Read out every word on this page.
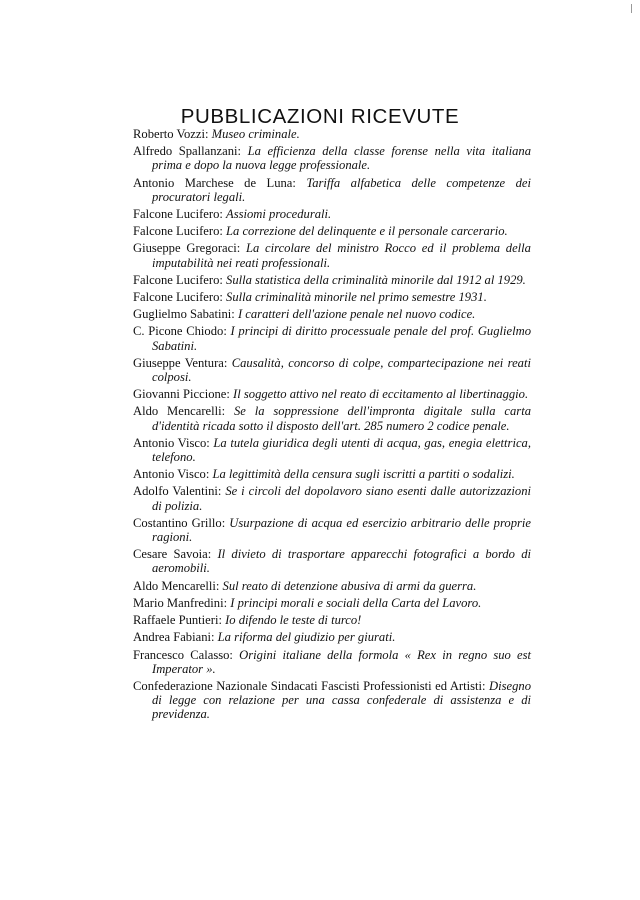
PUBBLICAZIONI RICEVUTE

Roberto Vozzi: Museo criminale.

Alfredo Spallanzani: La efficienza della classe forense nella vita italiana prima e dopo la nuova legge professionale.

Antonio Marchese de Luna: Tariffa alfabetica delle competenze dei procuratori legali.

Falcone Lucifero: Assiomi procedurali.

Falcone Lucifero: La correzione del delinquente e il personale carcerario.

Giuseppe Gregoraci: La circolare del ministro Rocco ed il problema della imputabilità nei reati professionali.

Falcone Lucifero: Sulla statistica della criminalità minorile dal 1912 al 1929.

Falcone Lucifero: Sulla criminalità minorile nel primo semestre 1931.

Guglielmo Sabatini: I caratteri dell'azione penale nel nuovo codice.

C. Picone Chiodo: I principi di diritto processuale penale del prof. Guglielmo Sabatini.

Giuseppe Ventura: Causalità, concorso di colpe, compartecipazione nei reati colposi.

Giovanni Piccione: Il soggetto attivo nel reato di eccitamento al libertinaggio.

Aldo Mencarelli: Se la soppressione dell'impronta digitale sulla carta d'identità ricada sotto il disposto dell'art. 285 numero 2 codice penale.

Antonio Visco: La tutela giuridica degli utenti di acqua, gas, enegia elettrica, telefono.

Antonio Visco: La legittimità della censura sugli iscritti a partiti o sodalizi.

Adolfo Valentini: Se i circoli del dopolavoro siano esenti dalle autorizzazioni di polizia.

Costantino Grillo: Usurpazione di acqua ed esercizio arbitrario delle proprie ragioni.

Cesare Savoia: Il divieto di trasportare apparecchi fotografici a bordo di aeromobili.

Aldo Mencarelli: Sul reato di detenzione abusiva di armi da guerra.

Mario Manfredini: I principi morali e sociali della Carta del Lavoro.

Raffaele Puntieri: Io difendo le teste di turco!

Andrea Fabiani: La riforma del giudizio per giurati.

Francesco Calasso: Origini italiane della formola « Rex in regno suo est Imperator ».

Confederazione Nazionale Sindacati Fascisti Professionisti ed Artisti: Disegno di legge con relazione per una cassa confederale di assistenza e di previdenza.
